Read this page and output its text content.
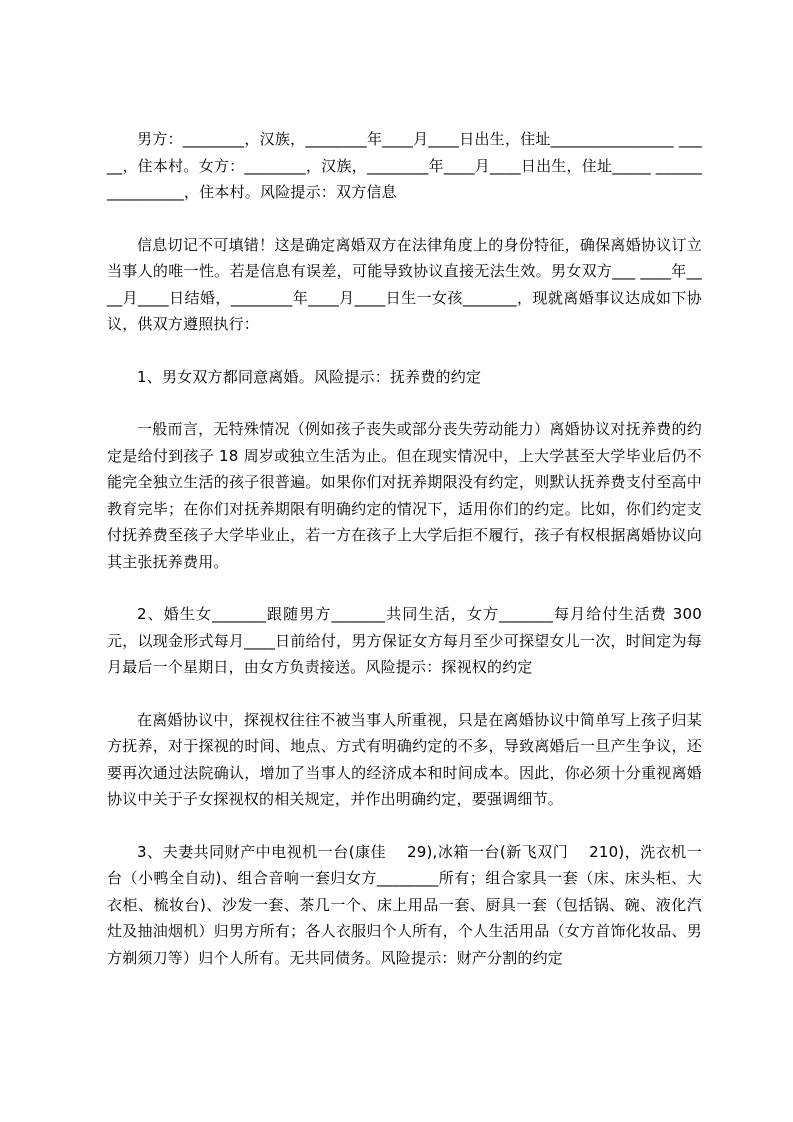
男方：________，汉族，________年____月____日出生，住址________________ _____，住本村。女方：________，汉族，________年____月____日出生，住址_____ ________________，住本村。风险提示：双方信息

信息切记不可填错！这是确定离婚双方在法律角度上的身份特征，确保离婚协议订立当事人的唯一性。若是信息有误差，可能导致协议直接无法生效。男女双方___ ____年____月____日结婚，________年____月____日生一女孩_______，现就离婚事议达成如下协议，供双方遵照执行：

1、男女双方都同意离婚。风险提示：抚养费的约定

一般而言，无特殊情况（例如孩子丧失或部分丧失劳动能力）离婚协议对抚养费的约定是给付到孩子 18 周岁或独立生活为止。但在现实情况中，上大学甚至大学毕业后仍不能完全独立生活的孩子很普遍。如果你们对抚养期限没有约定，则默认抚养费支付至高中教育完毕；在你们对抚养期限有明确约定的情况下，适用你们的约定。比如，你们约定支付抚养费至孩子大学毕业止，若一方在孩子上大学后拒不履行，孩子有权根据离婚协议向其主张抚养费用。

2、婚生女_______跟随男方_______共同生活，女方_______每月给付生活费 300 元，以现金形式每月____日前给付，男方保证女方每月至少可探望女儿一次，时间定为每月最后一个星期日，由女方负责接送。风险提示：探视权的约定

在离婚协议中，探视权往往不被当事人所重视，只是在离婚协议中简单写上孩子归某方抚养，对于探视的时间、地点、方式有明确约定的不多，导致离婚后一旦产生争议，还要再次通过法院确认，增加了当事人的经济成本和时间成本。因此，你必须十分重视离婚协议中关于子女探视权的相关规定，并作出明确约定，要强调细节。

3、夫妻共同财产中电视机一台(康佳　 29),冰箱一台(新飞双门　 210)，洗衣机一台（小鸭全自动)、组合音响一套归女方________所有；组合家具一套（床、床头柜、大衣柜、梳妆台)、沙发一套、茶几一个、床上用品一套、厨具一套（包括锅、碗、液化汽灶及抽油烟机）归男方所有；各人衣服归个人所有，个人生活用品（女方首饰化妆品、男方剃须刀等）归个人所有。无共同债务。风险提示：财产分割的约定
